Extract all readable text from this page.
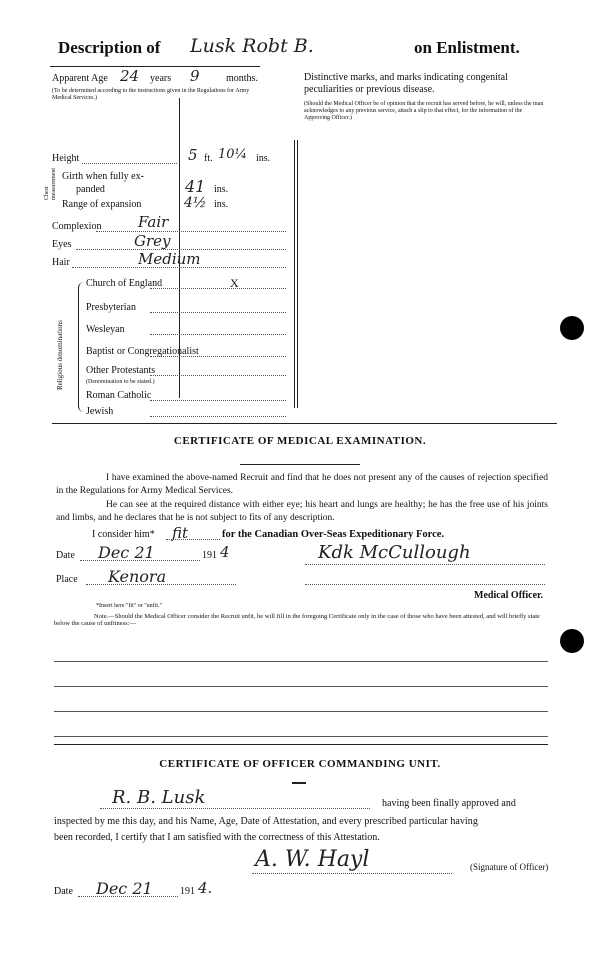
Description of Lusk Robt B.	on Enlistment.
Apparent Age 24 years 9	months.
(To be determined according to the instructions given in the Regulations for Army Medical Services.)
Height	5 ft. 10¼ ins.
Chest measurement Girth when fully ex-
panded	41 ins.
Range of expansion	4½ ins.
Complexion Fair
Eyes	Grey
Hair	Medium
Religious denominations
Church of England	X
Presbyterian
Wesleyan
Baptist or Congregationalist
Other Protestants
Roman Catholic
Jewish
(Denomination to be stated.)
Distinctive marks, and marks indicating congenital peculiarities or previous disease.
(Should the Medical Officer be of opinion that the recruit has served before, he will, unless the man acknowledges to any previous service, attach a slip to that effect, for the information of the Approving Officer.)
CERTIFICATE OF MEDICAL EXAMINATION.
I have examined the above-named Recruit and find that he does not present any of the causes of rejection specified in the Regulations for Army Medical Services.
He can see at the required distance with either eye; his heart and lungs are healthy; he has the free use of his joints and limbs, and he declares that he is not subject to fits of any description.
I consider him* fit	for the Canadian Over-Seas Expeditionary Force.
Date Dec 21	191 4	Kdk McCullough
Place Kenora
Medical Officer.
*Insert here "fit" or "unfit."
Note.—Should the Medical Officer consider the Recruit unfit, he will fill in the foregoing Certificate only in the case of those who have been attested, and will briefly state below the cause of unfitness:—
CERTIFICATE OF OFFICER COMMANDING UNIT.
R. B. Lusk	having been finally approved and
inspected by me this day, and his Name, Age, Date of Attestation, and every prescribed particular having
been recorded, I certify that I am satisfied with the correctness of this Attestation.
A. W. Hayl	(Signature of Officer)
Date Dec 21	191 4.
